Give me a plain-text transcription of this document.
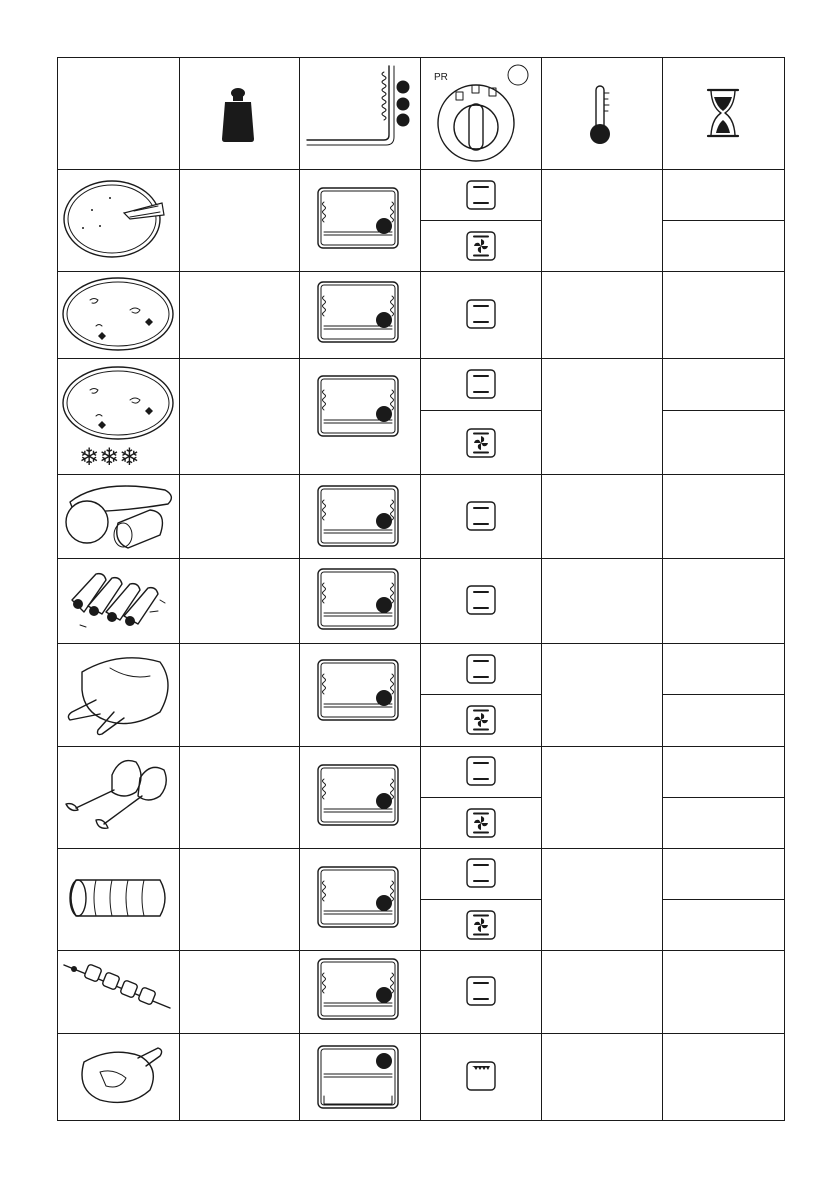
PR
❄❄❄
